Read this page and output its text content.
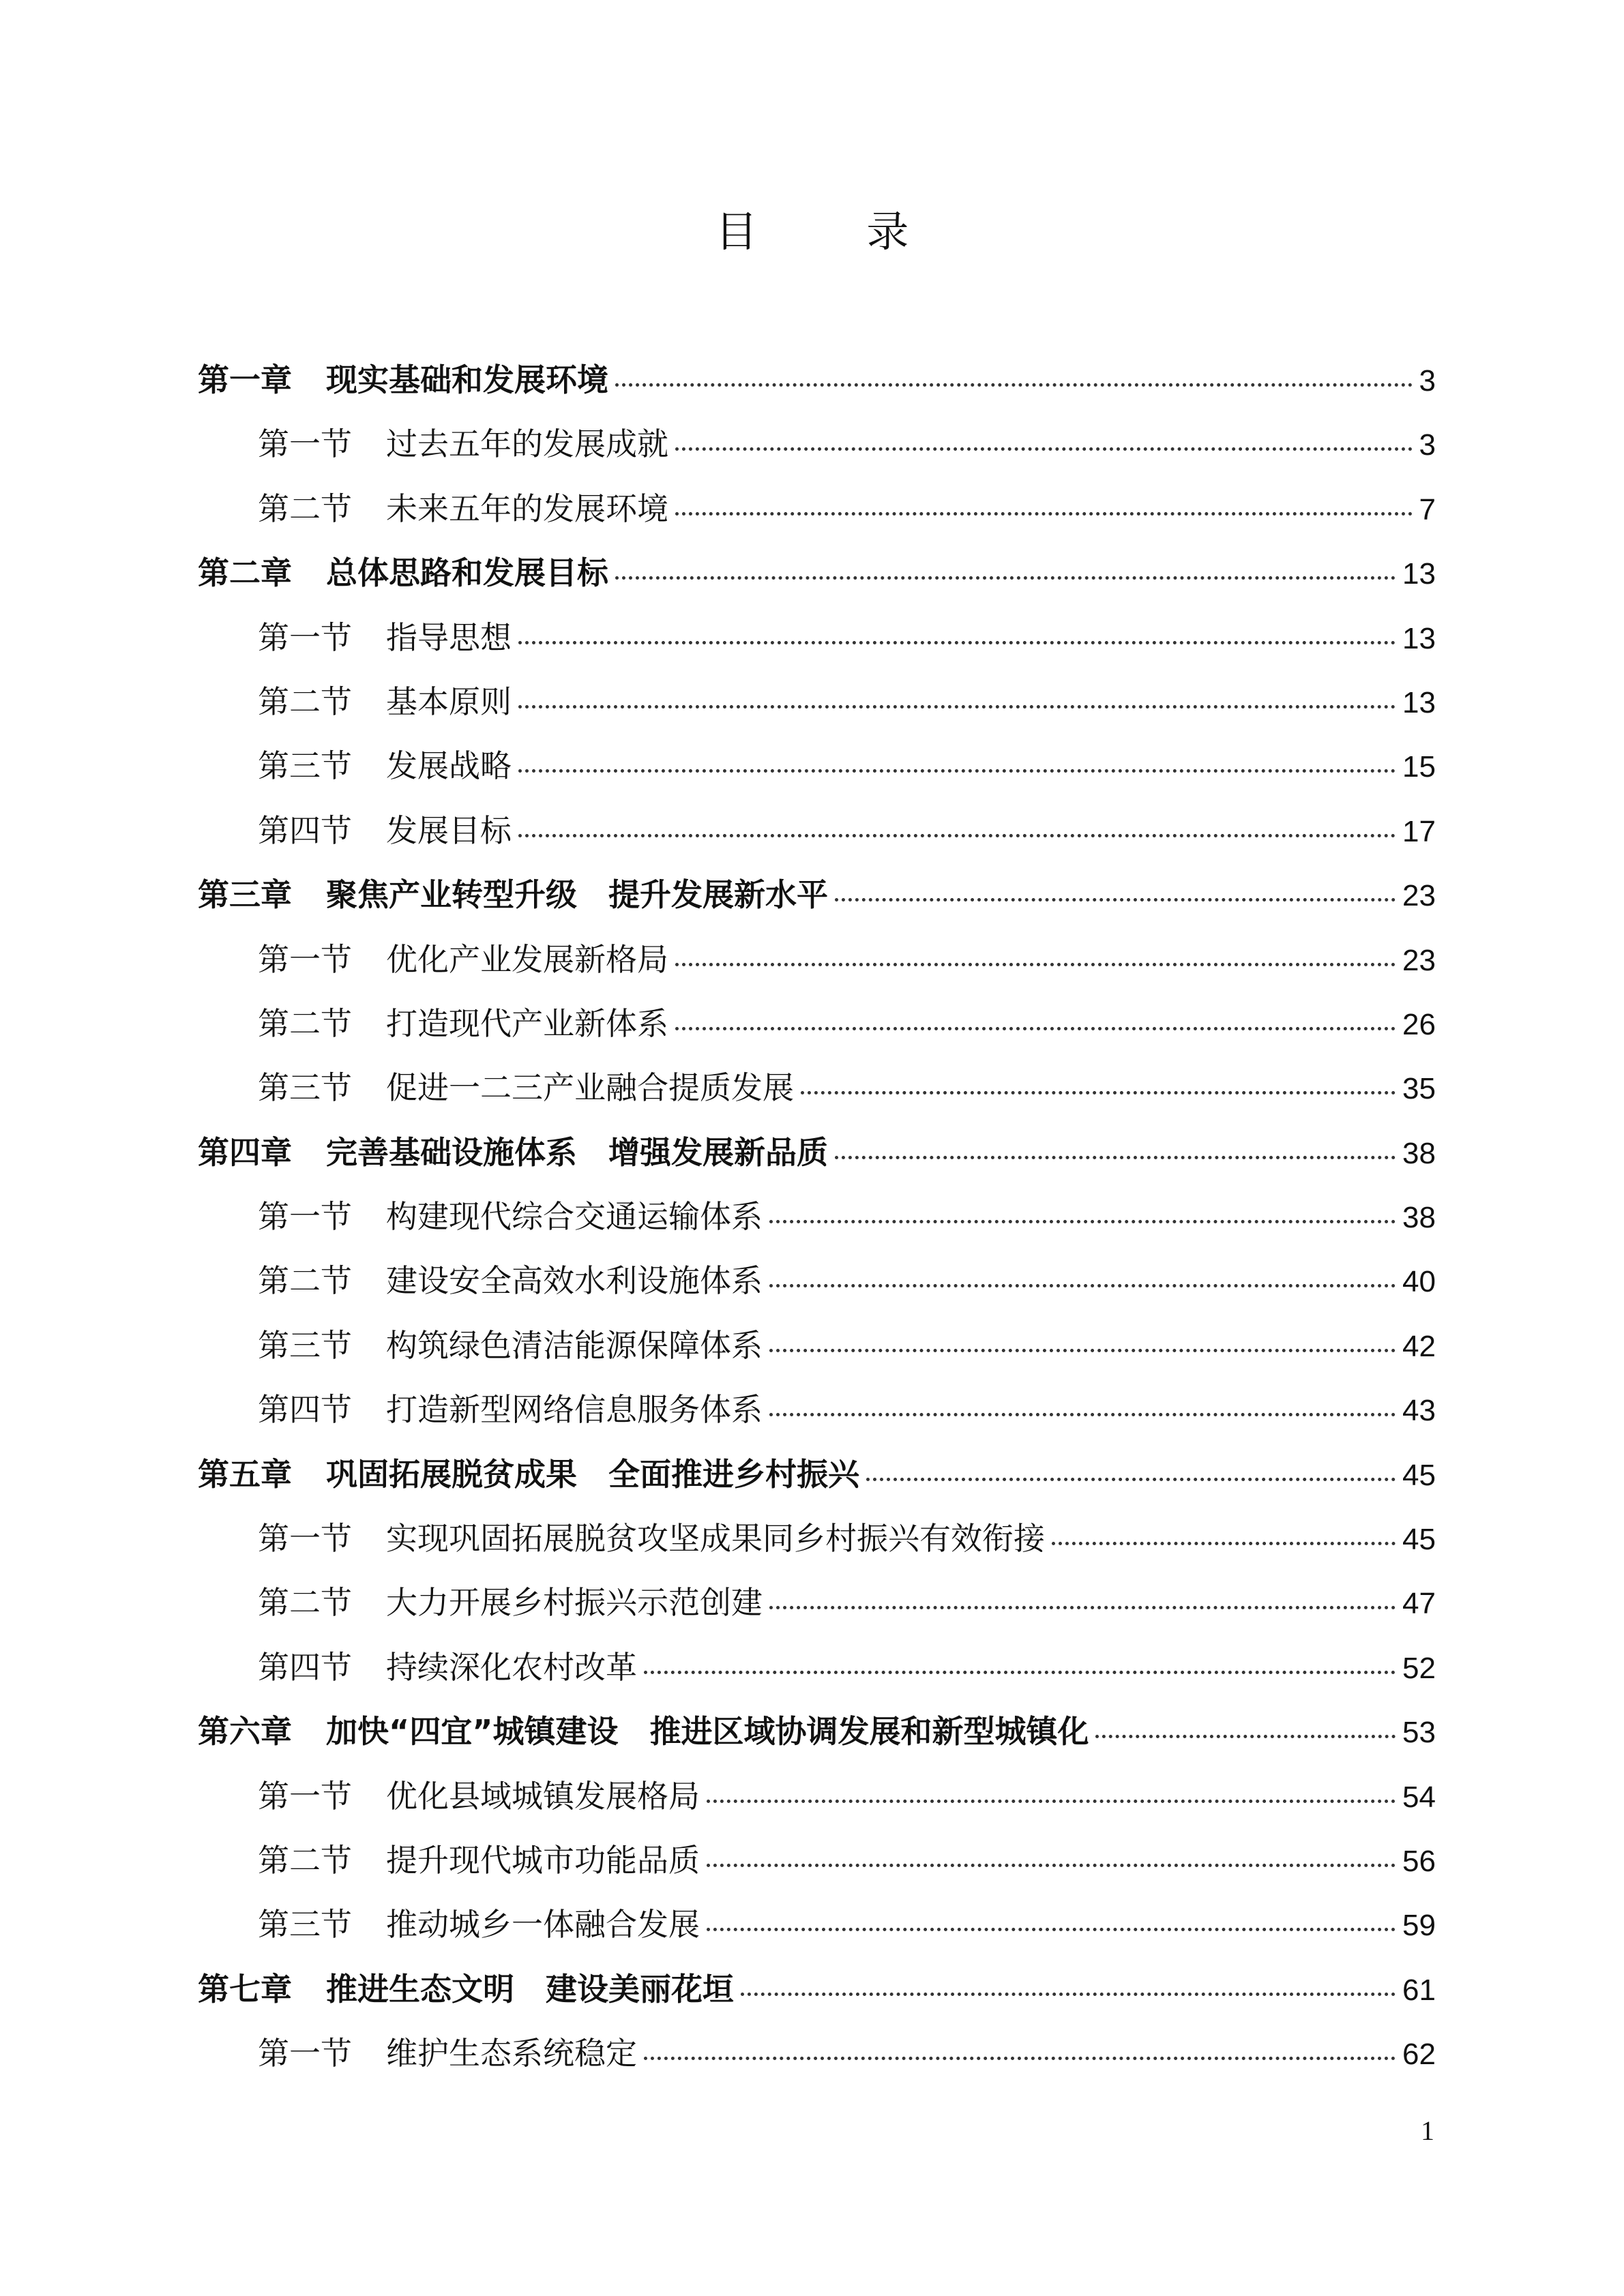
目 录
第一章 现实基础和发展环境	3
第一节 过去五年的发展成就	3
第二节 未来五年的发展环境	7
第二章 总体思路和发展目标	13
第一节 指导思想	13
第二节 基本原则	13
第三节 发展战略	15
第四节 发展目标	17
第三章 聚焦产业转型升级　提升发展新水平	23
第一节 优化产业发展新格局	23
第二节 打造现代产业新体系	26
第三节 促进一二三产业融合提质发展	35
第四章 完善基础设施体系　增强发展新品质	38
第一节 构建现代综合交通运输体系	38
第二节 建设安全高效水利设施体系	40
第三节 构筑绿色清洁能源保障体系	42
第四节 打造新型网络信息服务体系	43
第五章 巩固拓展脱贫成果　全面推进乡村振兴	45
第一节 实现巩固拓展脱贫攻坚成果同乡村振兴有效衔接	45
第二节 大力开展乡村振兴示范创建	47
第四节 持续深化农村改革	52
第六章 加快“四宜”城镇建设　推进区域协调发展和新型城镇化	53
第一节 优化县域城镇发展格局	54
第二节 提升现代城市功能品质	56
第三节 推动城乡一体融合发展	59
第七章 推进生态文明　建设美丽花垣	61
第一节 维护生态系统稳定	62
1
